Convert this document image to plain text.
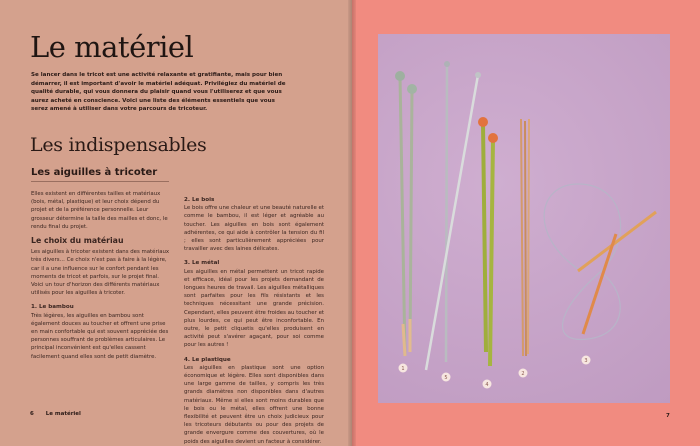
Le matériel
Se lancer dans le tricot est une activité relaxante et gratifiante, mais pour bien démarrer, il est important d'avoir le matériel adéquat. Privilégiez du matériel de qualité durable, qui vous donnera du plaisir quand vous l'utiliserez et que vous aurez acheté en conscience. Voici une liste des éléments essentiels que vous serez amené à utiliser dans votre parcours de tricoteur.
Les indispensables
Les aiguilles à tricoter

Elles existent en différentes tailles et matériaux (bois, métal, plastique) et leur choix dépend du projet et de la préférence personnelle. Leur grosseur détermine la taille des mailles et donc, le rendu final du projet.

Le choix du matériau

Les aiguilles à tricoter existent dans des matériaux très divers… Ce choix n'est pas à faire à la légère, car il a une influence sur le confort pendant les moments de tricot et parfois, sur le projet final. Voici un tour d'horizon des différents matériaux utilisés pour les aiguilles à tricoter.

1. Le bambou

Très légères, les aiguilles en bambou sont également douces au toucher et offrent une prise en main confortable qui est souvent appréciée des personnes souffrant de problèmes articulaires. Le principal inconvénient est qu'elles cassent facilement quand elles sont de petit diamètre.

2. Le bois

Le bois offre une chaleur et une beauté naturelle et comme le bambou, il est léger et agréable au toucher. Les aiguilles en bois sont également adhérentes, ce qui aide à contrôler la tension du fil ; elles sont particulièrement appréciées pour travailler avec des laines délicates.

3. Le métal

Les aiguilles en métal permettent un tricot rapide et efficace, idéal pour les projets demandant de longues heures de travail. Les aiguilles métalliques sont parfaites pour les fils résistants et les techniques nécessitant une grande précision. Cependant, elles peuvent être froides au toucher et plus lourdes, ce qui peut être inconfortable. En outre, le petit cliquetis qu'elles produisent en activité peut s'avérer agaçant, pour soi comme pour les autres !

4. Le plastique

Les aiguilles en plastique sont une option économique et légère. Elles sont disponibles dans une large gamme de tailles, y compris les très grands diamètres non disponibles dans d'autres matériaux. Même si elles sont moins durables que le bois ou le métal, elles offrent une bonne flexibilité et peuvent être un choix judicieux pour les tricoteurs débutants ou pour des projets de grande envergure comme des couvertures, où le poids des aiguilles devient un facteur à considérer.

6 Le matériel
1
5
4
2
3
7
